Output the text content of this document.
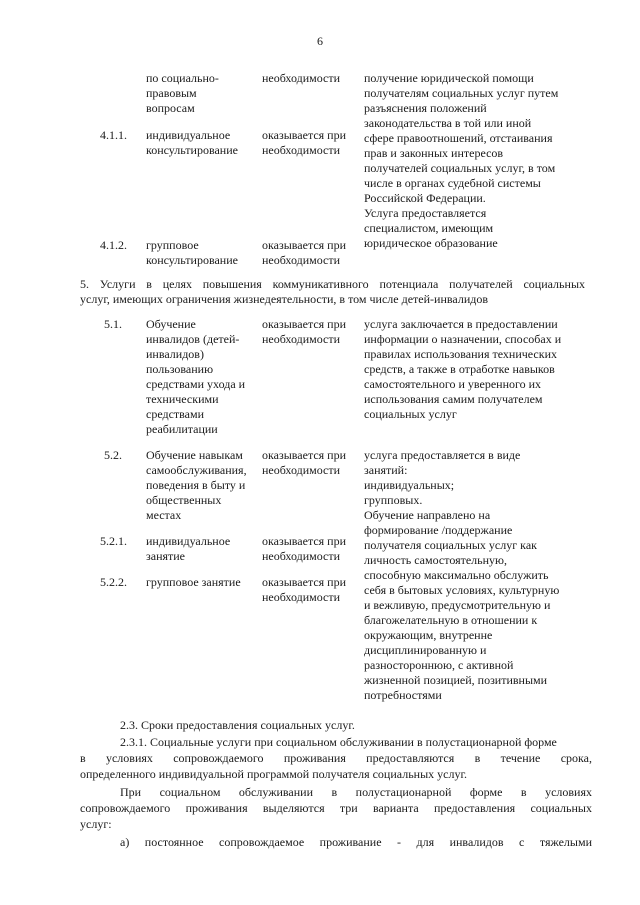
6
по социально-
правовым
вопросам
необходимости получение юридической помощи
получателям социальных услуг путем
разъяснения положений
законодательства в той или иной
сфере правоотношений, отстаивания
прав и законных интересов
получателей социальных услуг, в том
числе в органах судебной системы
Российской Федерации.
Услуга предоставляется
специалистом, имеющим
юридическое образование
4.1.1. индивидуальное
консультирование
оказывается при
необходимости
4.1.2. групповое
консультирование
оказывается при
необходимости
5. Услуги в целях повышения коммуникативного потенциала получателей социальных
услуг, имеющих ограничения жизнедеятельности, в том числе детей-инвалидов
5.1. Обучение
инвалидов (детей-
инвалидов)
пользованию
средствами ухода и
техническими
средствами
реабилитации
оказывается при
необходимости
услуга заключается в предоставлении
информации о назначении, способах и
правилах использования технических
средств, а также в отработке навыков
самостоятельного и уверенного их
использования самим получателем
социальных услуг
5.2. Обучение навыкам
самообслуживания,
поведения в быту и
общественных
местах
оказывается при
необходимости
услуга предоставляется в виде
занятий:
индивидуальных;
групповых.
Обучение направлено на
формирование /поддержание
получателя социальных услуг как
личность самостоятельную,
способную максимально обслужить
себя в бытовых условиях, культурную
и вежливую, предусмотрительную и
благожелательную в отношении к
окружающим, внутренне
дисциплинированную и
разностороннюю, с активной
жизненной позицией, позитивными
потребностями
5.2.1. индивидуальное
занятие
оказывается при
необходимости
5.2.2. групповое занятие оказывается при
необходимости
2.3. Сроки предоставления социальных услуг.
2.3.1. Социальные услуги при социальном обслуживании в полустационарной форме
в условиях сопровождаемого проживания предоставляются в течение срока,
определенного индивидуальной программой получателя социальных услуг.
При социальном обслуживании в полустационарной форме в условиях
сопровождаемого проживания выделяются три варианта предоставления социальных
услуг:
а) постоянное сопровождаемое проживание - для инвалидов с тяжелыми
